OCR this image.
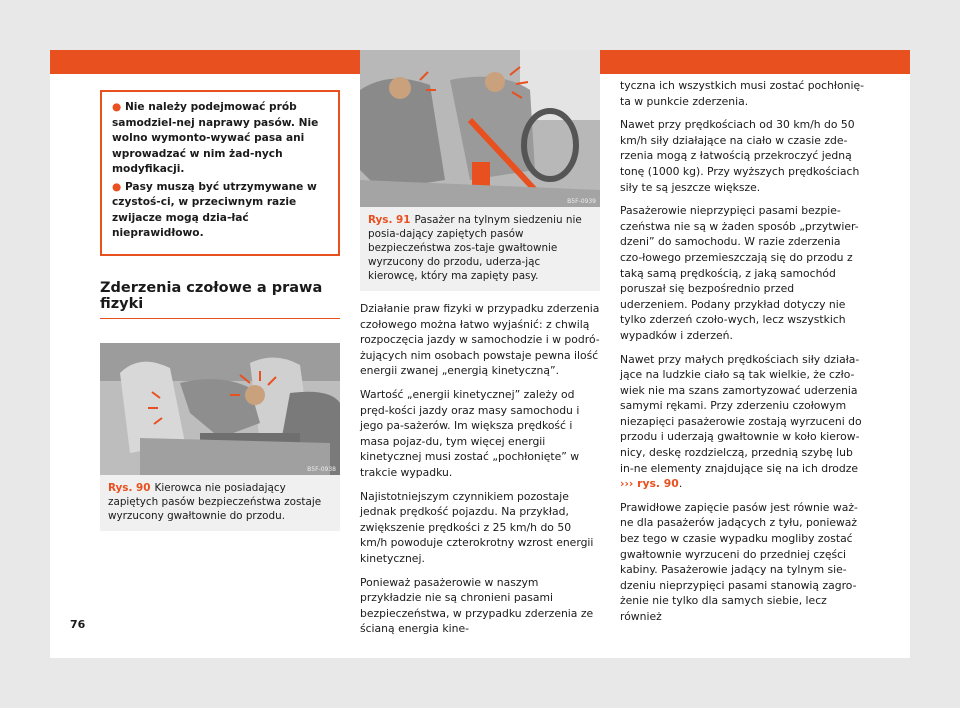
● Nie należy podejmować prób samodziel-nej naprawy pasów. Nie wolno wymonto-wywać pasa ani wprowadzać w nim żad-nych modyfikacji.

● Pasy muszą być utrzymywane w czystoś-ci, w przeciwnym razie zwijacze mogą dzia-łać nieprawidłowo.

Zderzenia czołowe a prawa fizyki
B5F-0938
Rys. 90 Kierowca nie posiadający zapiętych pasów bezpieczeństwa zostaje wyrzucony gwałtownie do przodu.
B5F-0939
Rys. 91 Pasażer na tylnym siedzeniu nie posia-dający zapiętych pasów bezpieczeństwa zos-taje gwałtownie wyrzucony do przodu, uderza-jąc kierowcę, który ma zapięty pasy.

Działanie praw fizyki w przypadku zderzenia czołowego można łatwo wyjaśnić: z chwilą rozpoczęcia jazdy w samochodzie i w podró-żujących nim osobach powstaje pewna ilość energii zwanej „energią kinetyczną”.

Wartość „energii kinetycznej” zależy od pręd-kości jazdy oraz masy samochodu i jego pa-sażerów. Im większa prędkość i masa pojaz-du, tym więcej energii kinetycznej musi zostać „pochłonięte” w trakcie wypadku.

Najistotniejszym czynnikiem pozostaje jednak prędkość pojazdu. Na przykład, zwiększenie prędkości z 25 km/h do 50 km/h powoduje czterokrotny wzrost energii kinetycznej.

Ponieważ pasażerowie w naszym przykładzie nie są chronieni pasami bezpieczeństwa, w przypadku zderzenia ze ścianą energia kine-

tyczna ich wszystkich musi zostać pochłonię-ta w punkcie zderzenia.

Nawet przy prędkościach od 30 km/h do 50 km/h siły działające na ciało w czasie zde-rzenia mogą z łatwością przekroczyć jedną tonę (1000 kg). Przy wyższych prędkościach siły te są jeszcze większe.

Pasażerowie nieprzypięci pasami bezpie-czeństwa nie są w żaden sposób „przytwier-dzeni” do samochodu. W razie zderzenia czo-łowego przemieszczają się do przodu z taką samą prędkością, z jaką samochód poruszał się bezpośrednio przed uderzeniem. Podany przykład dotyczy nie tylko zderzeń czoło-wych, lecz wszystkich wypadków i zderzeń.

Nawet przy małych prędkościach siły działa-jące na ludzkie ciało są tak wielkie, że czło-wiek nie ma szans zamortyzować uderzenia samymi rękami. Przy zderzeniu czołowym niezapięci pasażerowie zostają wyrzuceni do przodu i uderzają gwałtownie w koło kierow-nicy, deskę rozdzielczą, przednią szybę lub in-ne elementy znajdujące się na ich drodze ››› rys. 90.

Prawidłowe zapięcie pasów jest równie waż-ne dla pasażerów jadących z tyłu, ponieważ bez tego w czasie wypadku mogliby zostać gwałtownie wyrzuceni do przedniej części kabiny. Pasażerowie jadący na tylnym sie-dzeniu nieprzypięci pasami stanowią zagro-żenie nie tylko dla samych siebie, lecz również

76
